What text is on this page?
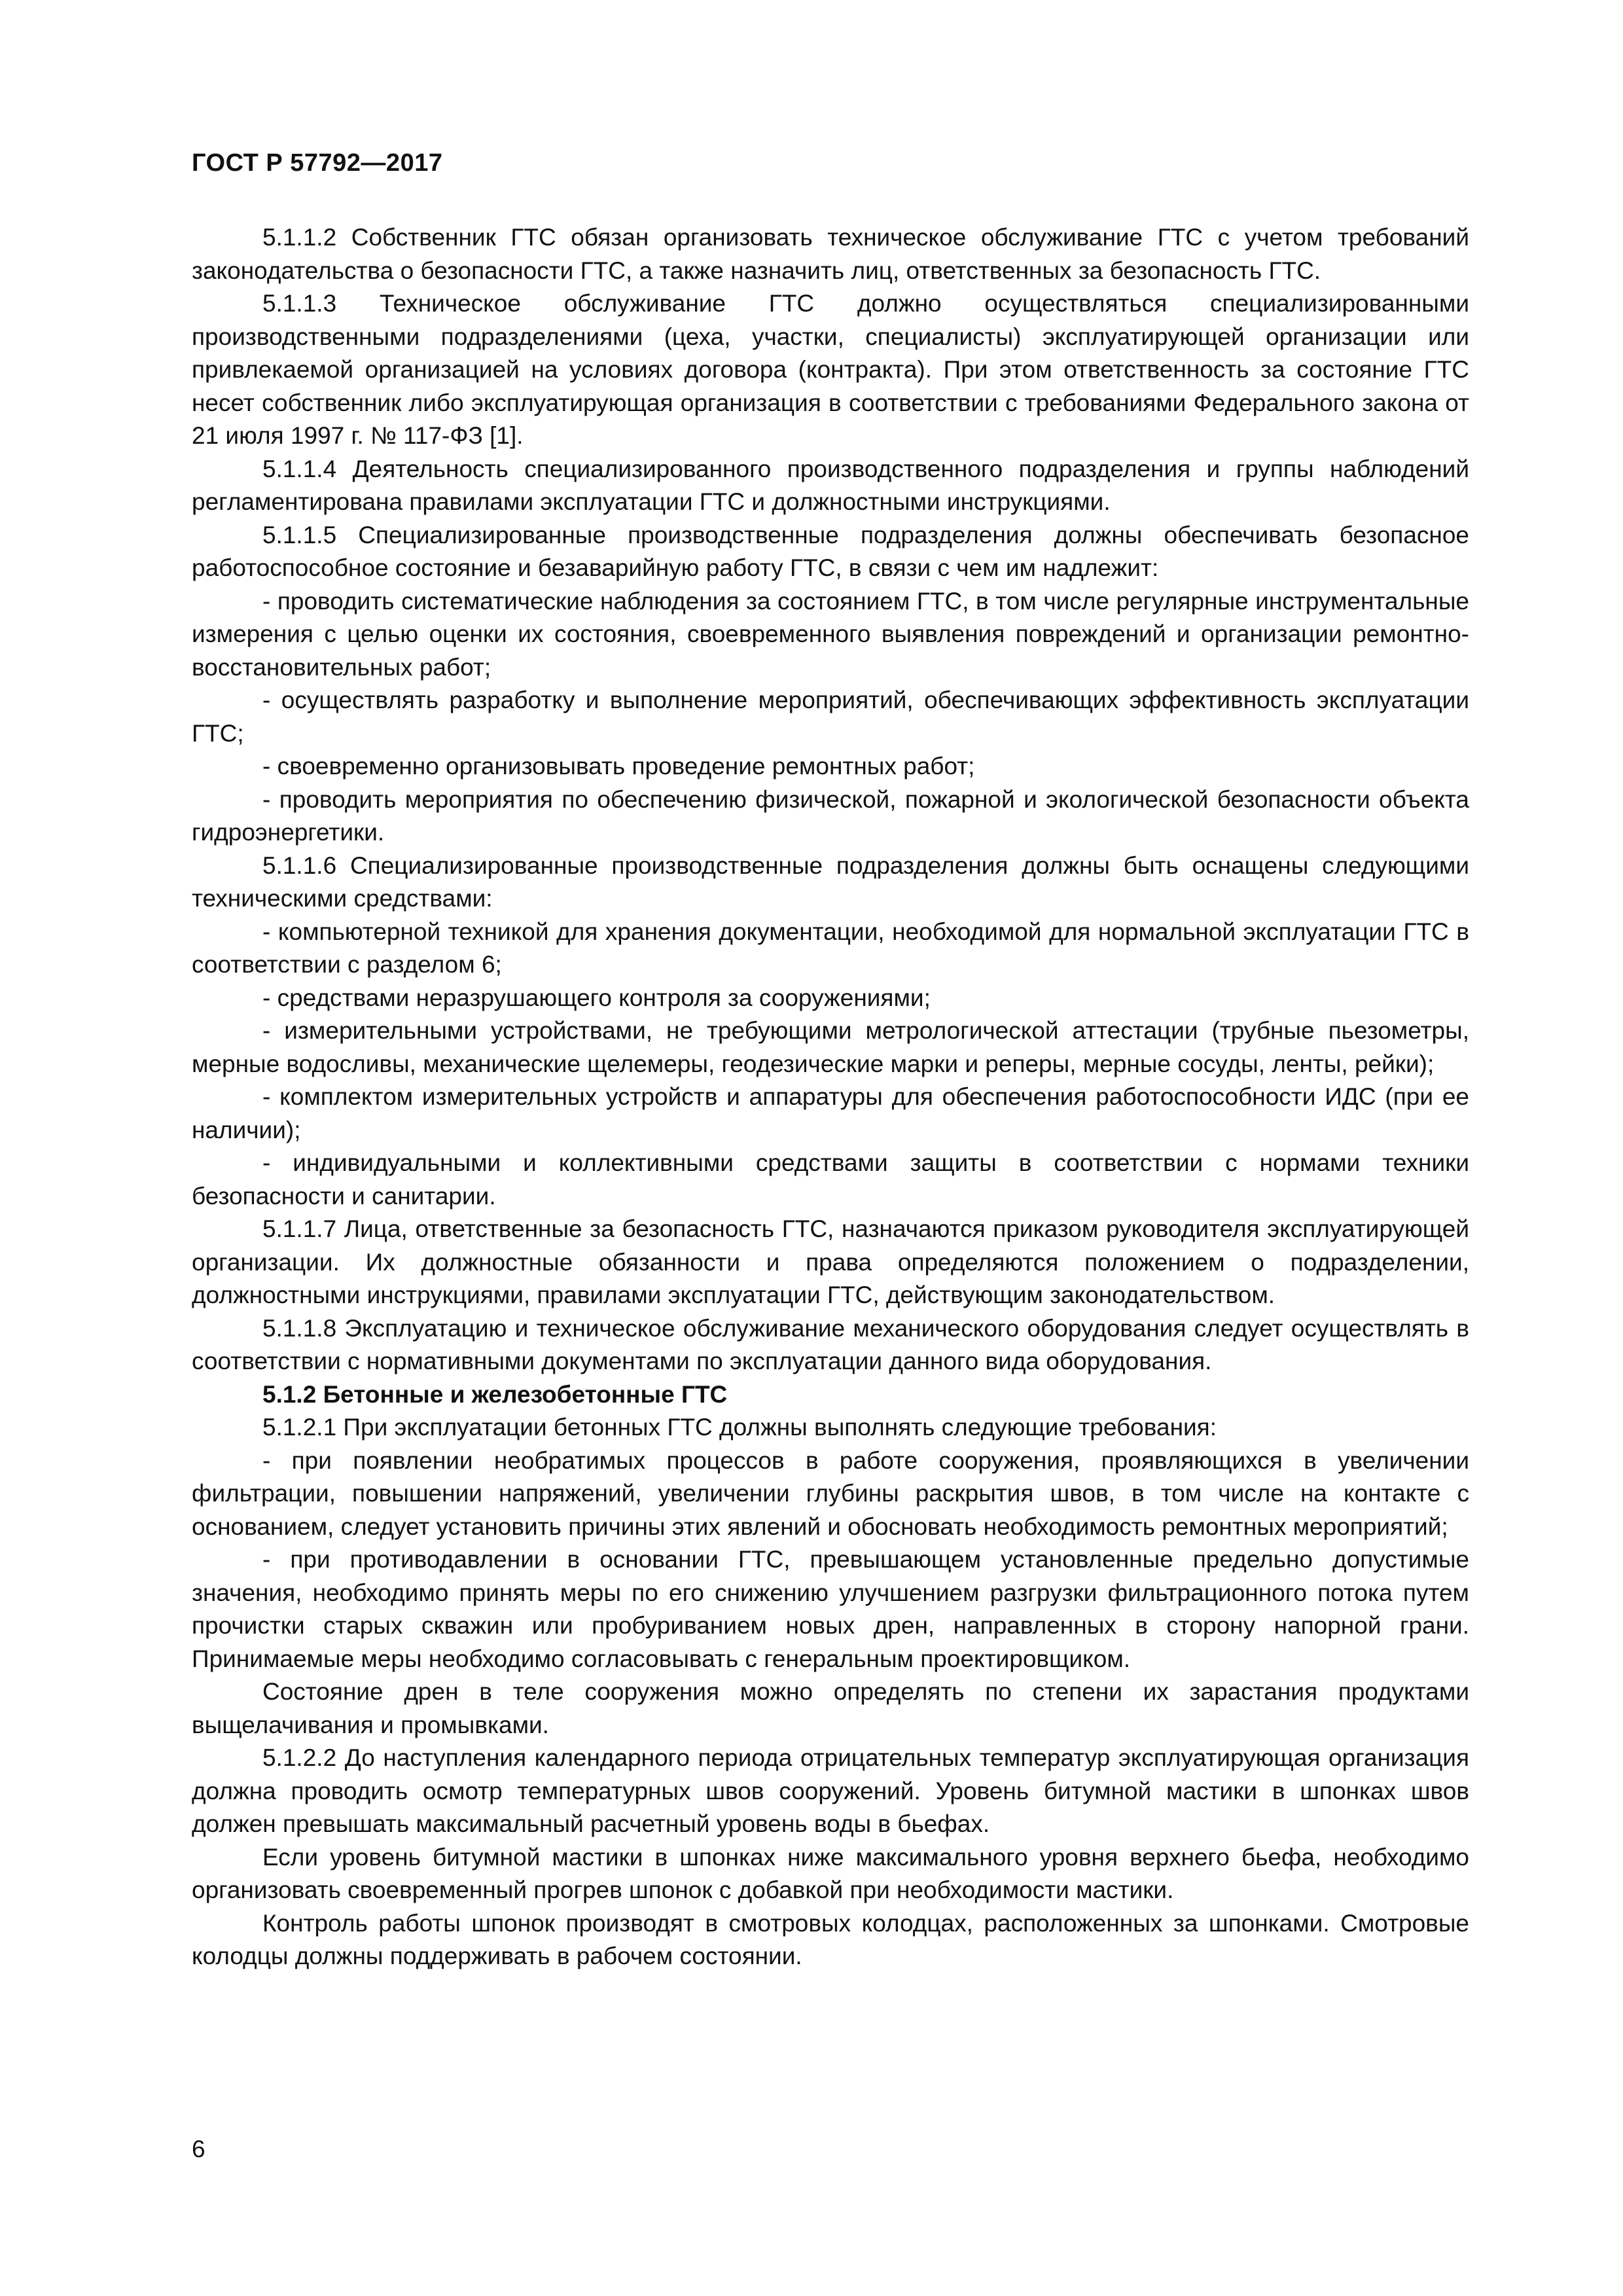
ГОСТ Р 57792—2017

5.1.1.2 Собственник ГТС обязан организовать техническое обслуживание ГТС с учетом требований законодательства о безопасности ГТС, а также назначить лиц, ответственных за безопасность ГТС.

5.1.1.3 Техническое обслуживание ГТС должно осуществляться специализированными производственными подразделениями (цеха, участки, специалисты) эксплуатирующей организации или привлекаемой организацией на условиях договора (контракта). При этом ответственность за состояние ГТС несет собственник либо эксплуатирующая организация в соответствии с требованиями Федерального закона от 21 июля 1997 г. № 117-ФЗ [1].

5.1.1.4 Деятельность специализированного производственного подразделения и группы наблюдений регламентирована правилами эксплуатации ГТС и должностными инструкциями.

5.1.1.5 Специализированные производственные подразделения должны обеспечивать безопасное работоспособное состояние и безаварийную работу ГТС, в связи с чем им надлежит:

- проводить систематические наблюдения за состоянием ГТС, в том числе регулярные инструментальные измерения с целью оценки их состояния, своевременного выявления повреждений и организации ремонтно-восстановительных работ;

- осуществлять разработку и выполнение мероприятий, обеспечивающих эффективность эксплуатации ГТС;

- своевременно организовывать проведение ремонтных работ;

- проводить мероприятия по обеспечению физической, пожарной и экологической безопасности объекта гидроэнергетики.

5.1.1.6 Специализированные производственные подразделения должны быть оснащены следующими техническими средствами:

- компьютерной техникой для хранения документации, необходимой для нормальной эксплуатации ГТС в соответствии с разделом 6;

- средствами неразрушающего контроля за сооружениями;

- измерительными устройствами, не требующими метрологической аттестации (трубные пьезометры, мерные водосливы, механические щелемеры, геодезические марки и реперы, мерные сосуды, ленты, рейки);

- комплектом измерительных устройств и аппаратуры для обеспечения работоспособности ИДС (при ее наличии);

- индивидуальными и коллективными средствами защиты в соответствии с нормами техники безопасности и санитарии.

5.1.1.7 Лица, ответственные за безопасность ГТС, назначаются приказом руководителя эксплуатирующей организации. Их должностные обязанности и права определяются положением о подразделении, должностными инструкциями, правилами эксплуатации ГТС, действующим законодательством.

5.1.1.8 Эксплуатацию и техническое обслуживание механического оборудования следует осуществлять в соответствии с нормативными документами по эксплуатации данного вида оборудования.

5.1.2 Бетонные и железобетонные ГТС

5.1.2.1 При эксплуатации бетонных ГТС должны выполнять следующие требования:

- при появлении необратимых процессов в работе сооружения, проявляющихся в увеличении фильтрации, повышении напряжений, увеличении глубины раскрытия швов, в том числе на контакте с основанием, следует установить причины этих явлений и обосновать необходимость ремонтных мероприятий;

- при противодавлении в основании ГТС, превышающем установленные предельно допустимые значения, необходимо принять меры по его снижению улучшением разгрузки фильтрационного потока путем прочистки старых скважин или пробуриванием новых дрен, направленных в сторону напорной грани. Принимаемые меры необходимо согласовывать с генеральным проектировщиком.

Состояние дрен в теле сооружения можно определять по степени их зарастания продуктами выщелачивания и промывками.

5.1.2.2 До наступления календарного периода отрицательных температур эксплуатирующая организация должна проводить осмотр температурных швов сооружений. Уровень битумной мастики в шпонках швов должен превышать максимальный расчетный уровень воды в бьефах.

Если уровень битумной мастики в шпонках ниже максимального уровня верхнего бьефа, необходимо организовать своевременный прогрев шпонок с добавкой при необходимости мастики.

Контроль работы шпонок производят в смотровых колодцах, расположенных за шпонками. Смотровые колодцы должны поддерживать в рабочем состоянии.

6
